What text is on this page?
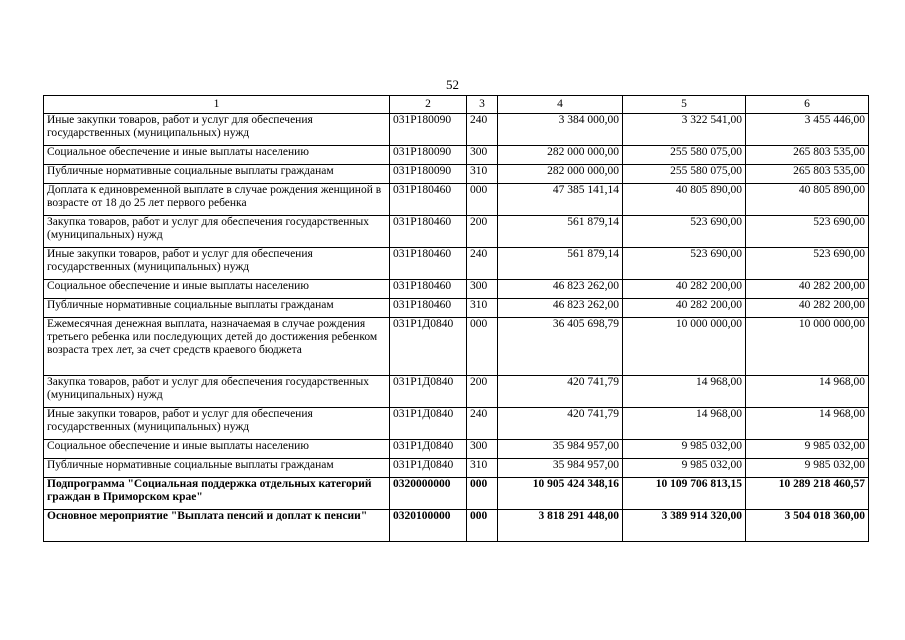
52
1	2	3	4	5	6
Иные закупки товаров, работ и услуг для обеспечения государственных (муниципальных) нужд	031Р180090	240	3 384 000,00	3 322 541,00	3 455 446,00
Социальное обеспечение и иные выплаты населению	031Р180090	300	282 000 000,00	255 580 075,00	265 803 535,00
Публичные нормативные социальные выплаты гражданам	031Р180090	310	282 000 000,00	255 580 075,00	265 803 535,00
Доплата к единовременной выплате в случае рождения женщиной в возрасте от 18 до 25 лет первого ребенка	031Р180460	000	47 385 141,14	40 805 890,00	40 805 890,00
Закупка товаров, работ и услуг для обеспечения государственных (муниципальных) нужд	031Р180460	200	561 879,14	523 690,00	523 690,00
Иные закупки товаров, работ и услуг для обеспечения государственных (муниципальных) нужд	031Р180460	240	561 879,14	523 690,00	523 690,00
Социальное обеспечение и иные выплаты населению	031Р180460	300	46 823 262,00	40 282 200,00	40 282 200,00
Публичные нормативные социальные выплаты гражданам	031Р180460	310	46 823 262,00	40 282 200,00	40 282 200,00
Ежемесячная денежная выплата, назначаемая в случае рождения третьего ребенка или последующих детей до достижения ребенком возраста трех лет, за счет средств краевого бюджета	031Р1Д0840	000	36 405 698,79	10 000 000,00	10 000 000,00
Закупка товаров, работ и услуг для обеспечения государственных (муниципальных) нужд	031Р1Д0840	200	420 741,79	14 968,00	14 968,00
Иные закупки товаров, работ и услуг для обеспечения государственных (муниципальных) нужд	031Р1Д0840	240	420 741,79	14 968,00	14 968,00
Социальное обеспечение и иные выплаты населению	031Р1Д0840	300	35 984 957,00	9 985 032,00	9 985 032,00
Публичные нормативные социальные выплаты гражданам	031Р1Д0840	310	35 984 957,00	9 985 032,00	9 985 032,00
Подпрограмма "Социальная поддержка отдельных категорий граждан в Приморском крае"	0320000000	000	10 905 424 348,16	10 109 706 813,15	10 289 218 460,57
Основное мероприятие "Выплата пенсий и доплат к пенсии"	0320100000	000	3 818 291 448,00	3 389 914 320,00	3 504 018 360,00
